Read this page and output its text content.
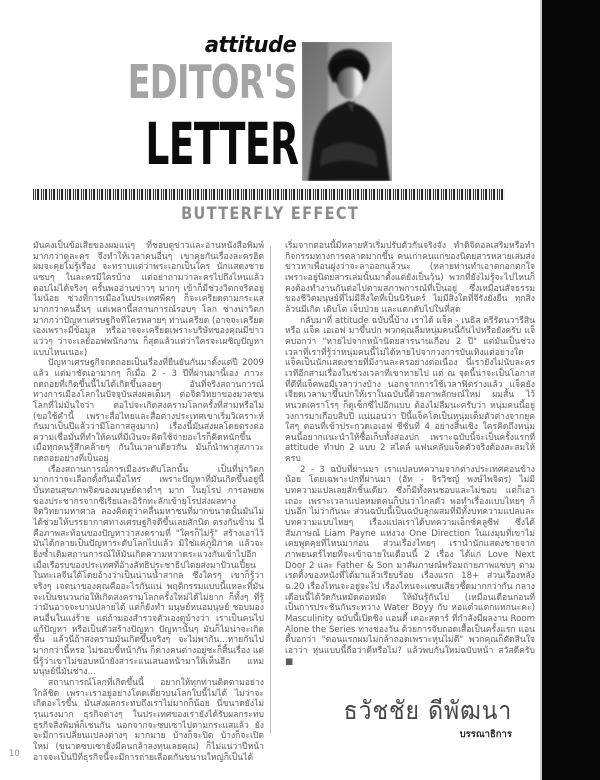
attitude
EDITOR'S
LETTER
BUTTERFLY EFFECT

มันคงเป็นข้อเสียของผมแน่ๆ ที่ชอบดูข่าวและอ่านหนังสือพิมพ์มากกว่าดูละคร จึงทำให้เวลาคนอื่นๆ เขาคุยกันเรื่องละครฮิต ผมจะคุยไม่รู้เรื่อง จะทราบแต่ว่าพระเอกเป็นใคร นักแสดงชายแซบๆ ในละครมีใครบ้าง แต่อย่าถามว่าละครไปถึงไหนแล้ว ตอบไม่ได้จริงๆ ครั้นพออ่านข่าวๆ มากๆ เข้าก็มีช่วงวิตกจริตอยู่ไม่น้อย ช่วงที่การเมืองในประเทศพีคๆ ก็จะเครียดตามกระแสมากกว่าคนอื่นๆ แต่เพลานี้สถานการณ์รอบๆ โลก ช่างน่าวิตกมากกว่าปัญหาเศรษฐกิจที่ใครหลายๆ ท่านเครียด (อาจจะเครียดเองเพราะมีข้อมูล หรืออาจจะเครียดเพราะบริษัทของคุณมีข่าวแว่วๆ ว่าจะเลย์ออฟพนักงาน ก็สุดแล้วแต่ว่าใครจะเผชิญปัญหาแบบไหนเนอะ)

ปัญหาเศรษฐกิจถดถอยเป็นเรื่องที่ยืนยันกันมาตั้งแต่ปี 2009 แล้ว แต่มาชัดเอามากๆ ก็เมื่อ 2 - 3 ปีที่ผ่านมานี้เอง ภาวะถดถอยที่เกิดขึ้นนี้ไม่ได้เกิดขึ้นลอยๆ อันที่จริงสถานการณ์ทางการเมืองโลกในปัจจุบันส่งผลเต็มๆ ต่อจิตวิทยาของมวลชนโลกที่ไม่มั่นใจว่า ต่อไปจะเกิดสงครามโลกครั้งที่สามหรือไม่ (ขอใช้คำนี้ เพราะสื่อไทยและสื่อต่างประเทศเขาเริ่มวิเคราะห์กันมาเป็นปีแล้วว่ามีโอกาสสูงมาก) เรื่องนี้มันส่งผลโดยตรงต่อความเชื่อมั่นที่ทำให้คนที่มีเงินจะคิดใช้จ่ายอะไรก็คิดหนักขึ้น เมื่อทุกคนรู้สึกคล้ายๆ กันในเวลาเดียวกัน มันก็นำพาสู่สภาวะถดถอยอย่างที่เป็นอยู่

เรื่องสถานการณ์การเมืองระดับโลกนั้น เป็นที่น่าวิตกมากกว่าจะเลือกตั้งกันเมื่อไหร่ เพราะปัญหาที่มันเกิดขึ้นอยู่นี้ บั่นทอนสุขภาพจิตของมนุษย์ตาดำๆ มาก ในยุโรป การอพยพของประชากรจากซีเรียและอิรักทะลักเข้ายุโรปส่งผลทางจิตวิทยามหาศาล ลองคิดดูว่าคลื่นมหาชนที่มากขนาดนั้นมันไม่ได้ช่วยให้บรรยากาศทางเศรษฐกิจดีขึ้นเลยสักนิด ตรงกันข้าม นี่คือภาพสะท้อนของปัญหาว่าสงครามที่ "ใครก็ไม่รู้" สร้างเอาไว้มันได้กลายเป็นปัญหาระดับโลกไปแล้ว มิใช่แค่ภูมิภาค แล้วจะยิ่งซ้ำเติมสถานการณ์ให้มันเกิดความหวาดระแวงกันเข้าไปอีก เมื่อเรือรบของประเทศที่อ้างลัทธิประชาธิปไตยส่งมาป้วนเปี้ยนในทะเลจีนใต้โดยอ้างว่าเป็นน่านน้ำสากล ซึ่งใครๆ เขาก็รู้ว่าจริงๆ เจตนาของคุณคืออะไรกันแน่ พฤติกรรมแบบนี้แหละที่มันจะเป็นชนวนก่อให้เกิดสงครามโลกครั้งใหม่ได้ไม่ยาก ก็ทั้งๆ ที่รู้ว่ามันอาจจะบานปลายได้ แต่ก็ยังทำ มนุษย์หนอมนุษย์ ชอบมองคนอื่นในแง่ร้าย แต่ถ้ามองสำรวจตัวเองดูบ้างว่า เราเป็นคนไปแก้ปัญหา หรือเป็นตัวสร้างปัญหา ปัญหานั้นๆ มันก็ไม่น่าจะเกิดขึ้น แล้วนี่ถ้าสงครามมันเกิดขึ้นจริงๆ จะไม่พากัน...หายกันไปมากกว่านี้หรอ ไม่ชอบขี้หน้ากัน ก็ต่างคนต่างอยู่ซะก็สิ้นเรื่อง แต่นี่รู้ว่าเขาไม่ชอบหน้ายังสาระแนเสนอหน้ามาให้เห็นอีก แหม มนุษย์นี่มันช่าง...

สถานการณ์โลกที่เกิดขึ้นนี้ อยากให้ทุกท่านติดตามอย่างใกล้ชิด เพราะเราอยู่อย่างโดดเดี่ยวบนโลกใบนี้ไม่ได้ ไม่ว่าจะเกิดอะไรขึ้น มันส่งผลกระทบถึงเราไม่มากก็น้อย นี่ขนาดยังไม่รุนแรงมาก ธุรกิจต่างๆ ในประเทศของเรายังได้รับผลกระทบ ธุรกิจสิ่งพิมพ์ก็เช่นกัน นอกจากจะซบเซาไปตามกระแสแล้ว ยังจะมีการเปลี่ยนแปลงต่างๆ มากมาย บ้างก็จะปิด บ้างก็จะเปิดใหม่ (ขนาดซบเซายังมีคนกล้าลงทุนเลยคุณ) ก็ไม่แน่ว่าปีหน้าอาจจะเป็นปีที่ธุรกิจนี้จะมีการถ่ายเลือดกันขนานใหญ่ก็เป็นได้

เริ่มจากตอนนี้มีหลายหัวเริ่มปรับตัวกันจริงจัง ทำดิจิตอลเสริมหรือทำกิจกรรมทางการตลาดมากขึ้น คนเก่าคนแก่ของนิตยสารหลายเล่มส่งข่าวหาเพื่อนฝูงว่าจะลาออกแล้วนะ (หลายท่านทำเอาตกอกตกใจเพราะอยู่นิตยสารเล่มนั้นมาตั้งแต่ยังเป็นวุ้น) พวกที่ยังไม่รู้จะไปไหนก็คงต้องทำงานกันต่อไปตามสภาพการณ์ที่เป็นอยู่ ซึ่งเหมือนสัจธรรมของชีวิตมนุษย์ที่ไม่มีสิ่งใดที่เป็นนิรันดร์ ไม่มีสิ่งใดที่จีรังยั่งยืน ทุกสิ่งล้วนมีเกิด เติบโต เจ็บป่วย และแตกดับไปในที่สุด

กลับมาที่ attitude ฉบับนี้บ้าง เราได้ แจ็ค - เนธิส ตรีรัตนวารีสิน หรือ แจ็ค เอเอฟ มาขึ้นปก พวกคุณลืมหนุ่มคนนี้กันไปหรือยังครับ แจ็คบอกว่า "หายไปจากหน้านิตยสารนานเกือบ 2 ปี" แต่มันเป็นช่วงเวลาที่เราที่รู้ว่าหนุ่มคนนี้ไม่ได้หายไปจากวงการบันเทิงแต่อย่างใด แจ็คเป็นนักแสดงชายที่มีงานละครอย่างต่อเนื่อง นี่เรายังไม่นับละครเวทีอีกสามเรื่องในช่วงเวลาที่เขาหายไป แต่ ณ จุดนี้น่าจะเป็นโอกาสที่ดีที่แจ็คพอมีเวลาว่างบ้าง นอกจากการใช้เวลาฟิตร่างแล้ว แจ็คยังเจียดเวลามาขึ้นปกให้เราในฉบับนี้ด้วยภาพลักษณ์ใหม่ ผมสั้น ไว้หนวดเคราโรๆ ก็ดูเซ็กซี่ไปอีกแบบ ต้องไม่ลืมนะครับว่า หนุ่มคนนี้อยู่วงการมาเกือบสิบปี แน่นอนว่า ปีนี้แจ็คโตเป็นหนุ่มเต็มตัวต่างจากยุคใสๆ ตอนที่เข้าประกวดเอเอฟ ซีซั่นที่ 4 อย่างสิ้นเชิง ใครคิดถึงหนุ่มคนนี้อยากแนะนำให้ซื้อเก็บทั้งสองปก เพราะฉบับนี้จะเป็นครั้งแรกที่ attitude ทำปก 2 แบบ 2 สไตล์ แฟนคลับแจ็คตัวจริงต้องสะสมให้ครบ

2 - 3 ฉบับที่ผ่านมา เราแปลบทความจากต่างประเทศค่อนข้างน้อย โดยเฉพาะปกที่ผ่านมา (อัท - จิรวิชญ์ พงษ์ไพจิตร) ไม่มีบทความแปลเลยสักชิ้นเดียว ซึ่งก็มีทั้งคนชอบและไม่ชอบ แต่ก็เอาเถอะ เพราะเวลาแปลหมดคนก็บ่นว่าไกลตัว พอทำเรื่องแบบไทยๆ ก็บ่นอีก ไม่ว่ากันนะ ส่วนฉบับนี้เป็นฉบับลูกผสมที่มีทั้งบทความแปลและบทความแบบไทยๆ เรื่องแปลเราได้บทความเอ็กซ์คลูซีฟ ซึ่งได้สัมภาษณ์ Liam Payne แห่งวง One Direction ในแง่มุมที่เขาไม่เคยพูดคุยที่ไหนมาก่อน ส่วนเรื่องไทยๆ เรานำนักแสดงชายจากภาพยนตร์ไทยที่จะเข้าฉายในเดือนนี้ 2 เรื่อง ได้แก่ Love Next Door 2 และ Father & Son มาสัมภาษณ์พร้อมถ่ายภาพแซบๆ ตามเรตติ้งของหนังที่ได้มาแล้วเรียบร้อย เรื่องแรก 18+ ส่วนเรื่องหลัง ฉ.20 เรื่องไหนจะอยู่จะไป เรื่องไหนจะแซบเสียวซี้ดมากกว่ากัน กลางเดือนนี้ได้วัดกันหมัดต่อหมัด ให้มันรู้กันไป (เหมือนเดือนก่อนที่เป็นการประชันกันระหว่าง Water Boyy กับ หอแต๋วแตกแหกนะคะ) Masculinity ฉบับนี้เปิดซิง แอนดี้ เดอะสตาร์ ที่กำลังมีผลงาน Room Alone the Series ทางช่องวัน ด้วยการจับถอดเสื้อเป็นครั้งแรก แอนดี้บอกว่า "ตอนแรกผมไม่กล้าถอดเพราะหุ่นไม่ดี" พวกคุณก็ตัดสินใจเอาว่า หุ่นแบบนี้ถือว่าดีหรือไม่? แล้วพบกันใหม่ฉบับหน้า สวัสดีครับ ■

ธวัชชัย ดีพัฒนา
บรรณาธิการ
10
